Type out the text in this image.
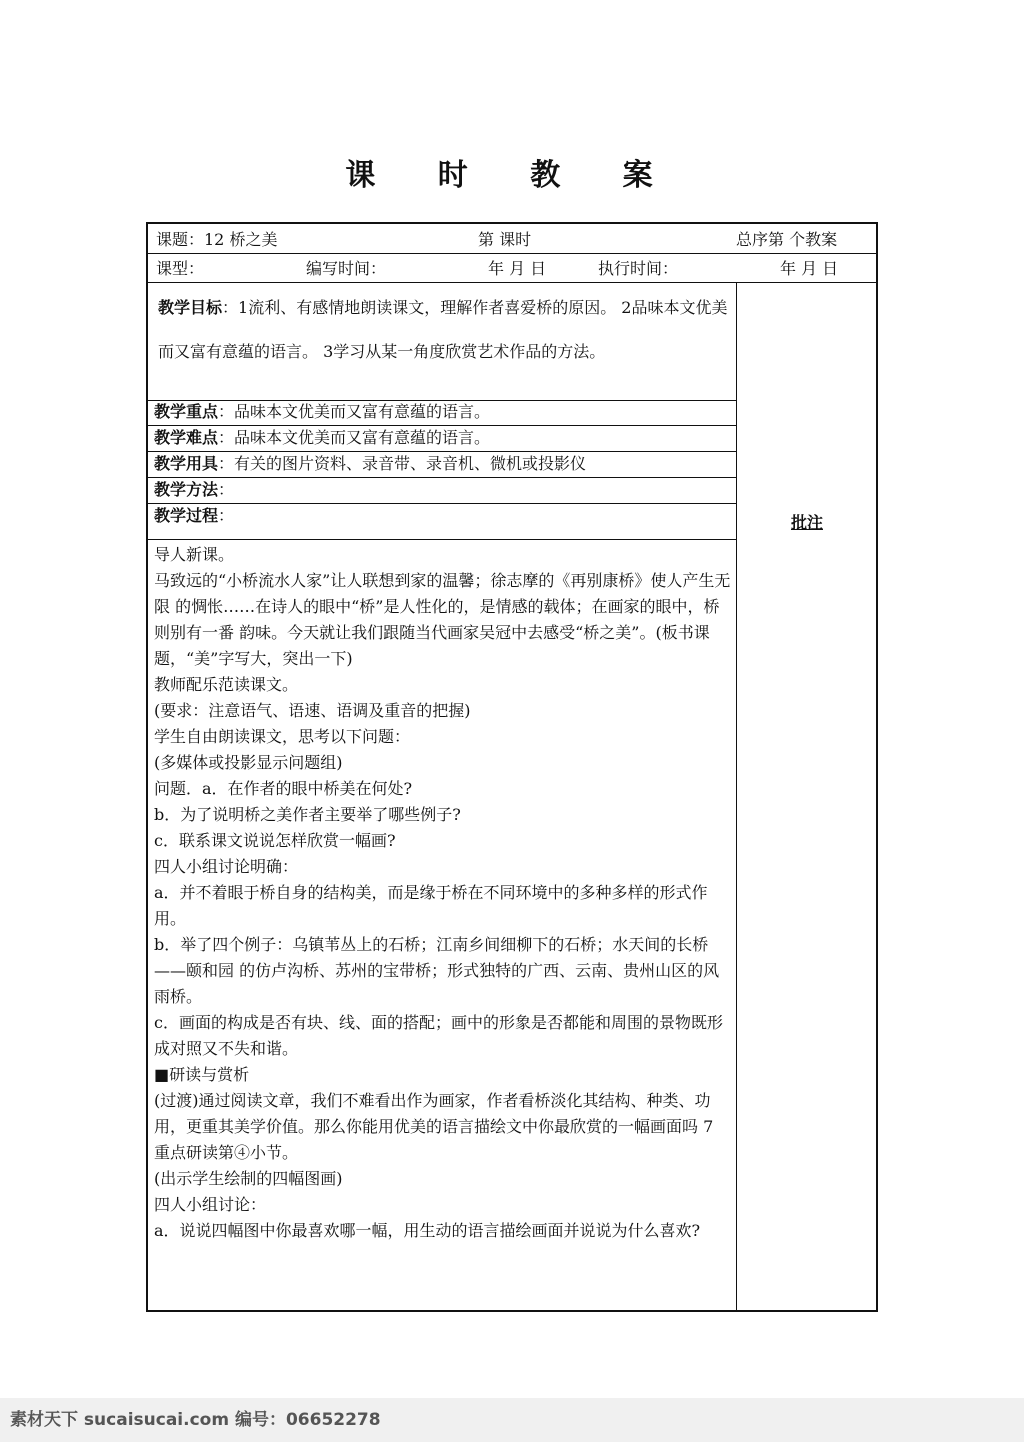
课 时 教 案
课题：12 桥之美	第 课时	总序第 个教案
课型：	编写时间：	年 月 日	执行时间：	年 月 日
教学目标：1流利、有感情地朗读课文，理解作者喜爱桥的原因。 2品味本文优美而又富有意蕴的语言。 3学习从某一角度欣赏艺术作品的方法。
教学重点：品味本文优美而又富有意蕴的语言。
教学难点：品味本文优美而又富有意蕴的语言。
教学用具：有关的图片资料、录音带、录音机、微机或投影仪
教学方法：
教学过程：	批注

导人新课。

马致远的“小桥流水人家”让人联想到家的温馨；徐志摩的《再别康桥》使人产生无限 的惆怅……在诗人的眼中“桥”是人性化的，是情感的载体；在画家的眼中，桥则别有一番 韵味。今天就让我们跟随当代画家吴冠中去感受“桥之美”。(板书课题，“美”字写大，突出一下)

教师配乐范读课文。

(要求：注意语气、语速、语调及重音的把握)

学生自由朗读课文，思考以下问题：

(多媒体或投影显示问题组)

问题．a．在作者的眼中桥美在何处?

b．为了说明桥之美作者主要举了哪些例子?

c．联系课文说说怎样欣赏一幅画?

四人小组讨论明确：

a．并不着眼于桥自身的结构美，而是缘于桥在不同环境中的多种多样的形式作用。

b．举了四个例子：乌镇苇丛上的石桥；江南乡间细柳下的石桥；水天间的长桥——颐和园 的仿卢沟桥、苏州的宝带桥；形式独特的广西、云南、贵州山区的风雨桥。

c．画面的构成是否有块、线、面的搭配；画中的形象是否都能和周围的景物既形成对照又不失和谐。

■研读与赏析

(过渡)通过阅读文章，我们不难看出作为画家，作者看桥淡化其结构、种类、功用，更重其美学价值。那么你能用优美的语言描绘文中你最欣赏的一幅画面吗 7

重点研读第④小节。

(出示学生绘制的四幅图画)

四人小组讨论：

a．说说四幅图中你最喜欢哪一幅，用生动的语言描绘画面并说说为什么喜欢?

素材天下 sucaisucai.com 编号：06652278
